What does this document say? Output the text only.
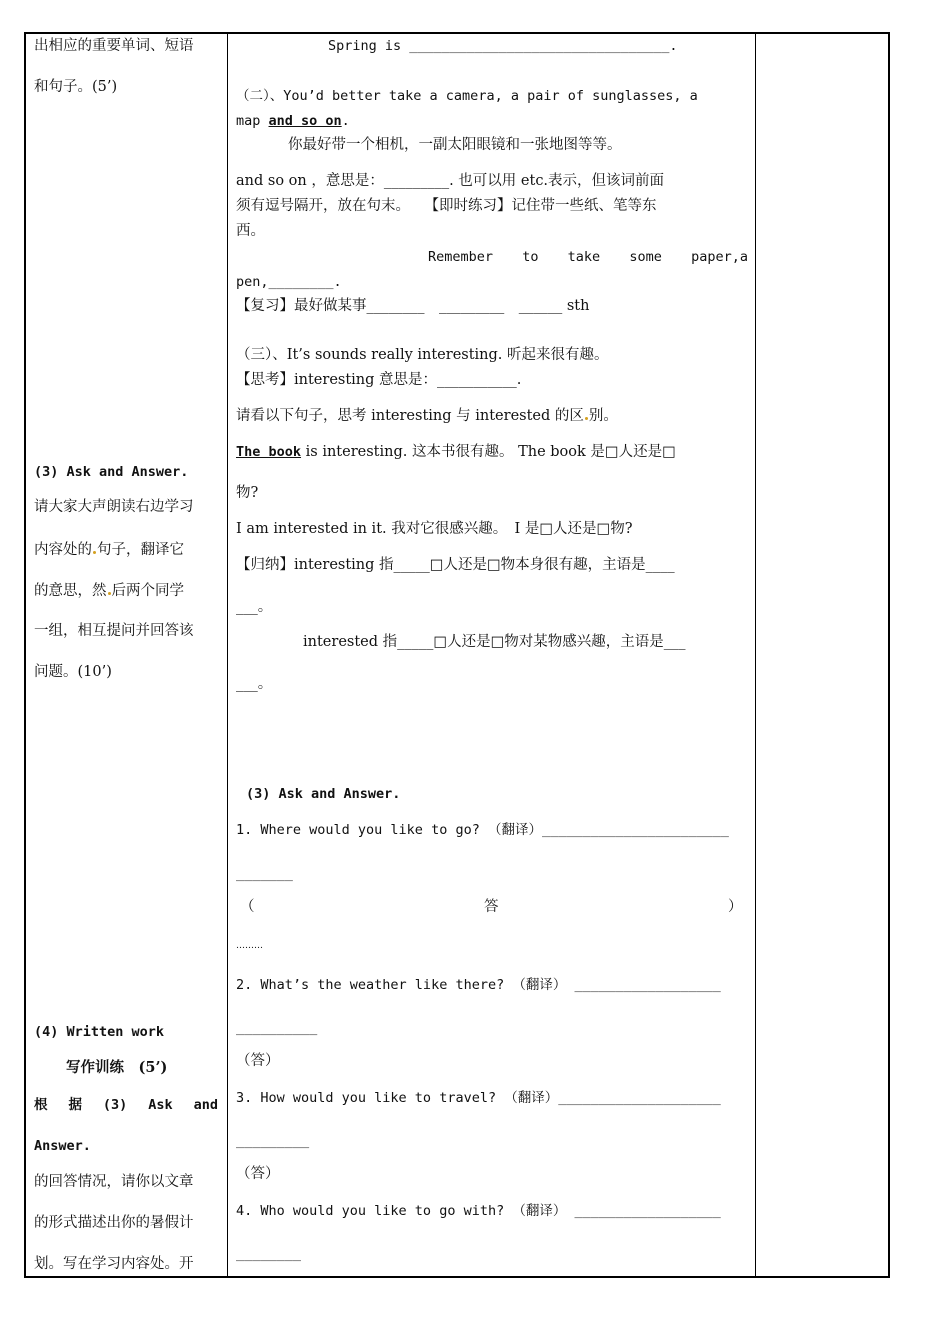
出相应的重要单词、短语
和句子。(5’)
(3) Ask and Answer.
请大家大声朗读右边学习
内容处的 句子，翻译它
的意思，然 后两个同学
一组，相互提问并回答该
问题。(10’)
(4) Written work
写作训练　(5’)
根 据 (3) Ask and
Answer.
的回答情况，请你以文章
的形式描述出你的暑假计
划。写在学习内容处。开
Spring is ________________________________.
（二）、You’d better take a camera, a pair of sunglasses, a
map and so on.
你最好带一个相机，一副太阳眼镜和一张地图等等。
and so on ，意思是：_________. 也可以用 etc.表示，但该词前面
须有逗号隔开，放在句末。　　【即时练习】记住带一些纸、笔等东
西。
Remember to take some paper,a
pen,________.
【复习】最好做某事________　_________　______ sth
（三）、It’s sounds really interesting. 听起来很有趣。
【思考】interesting 意思是：___________.
请看以下句子，思考 interesting 与 interested 的区 别。
The book is interesting. 这本书很有趣。 The book 是□人还是□
物?
I am interested in it. 我对它很感兴趣。　I 是□人还是□物?
【归纳】interesting 指_____□人还是□物本身很有趣，主语是____
___。
interested 指_____□人还是□物对某物感兴趣，主语是___
___。
(3) Ask and Answer.
1. Where would you like to go? （翻译）_______________________
_______
（	答	）
………
2. What’s the weather like there? （翻译） __________________
__________
（答）
3. How would you like to travel? （翻译）____________________
_________
（答）
4. Who would you like to go with? （翻译） __________________
________
